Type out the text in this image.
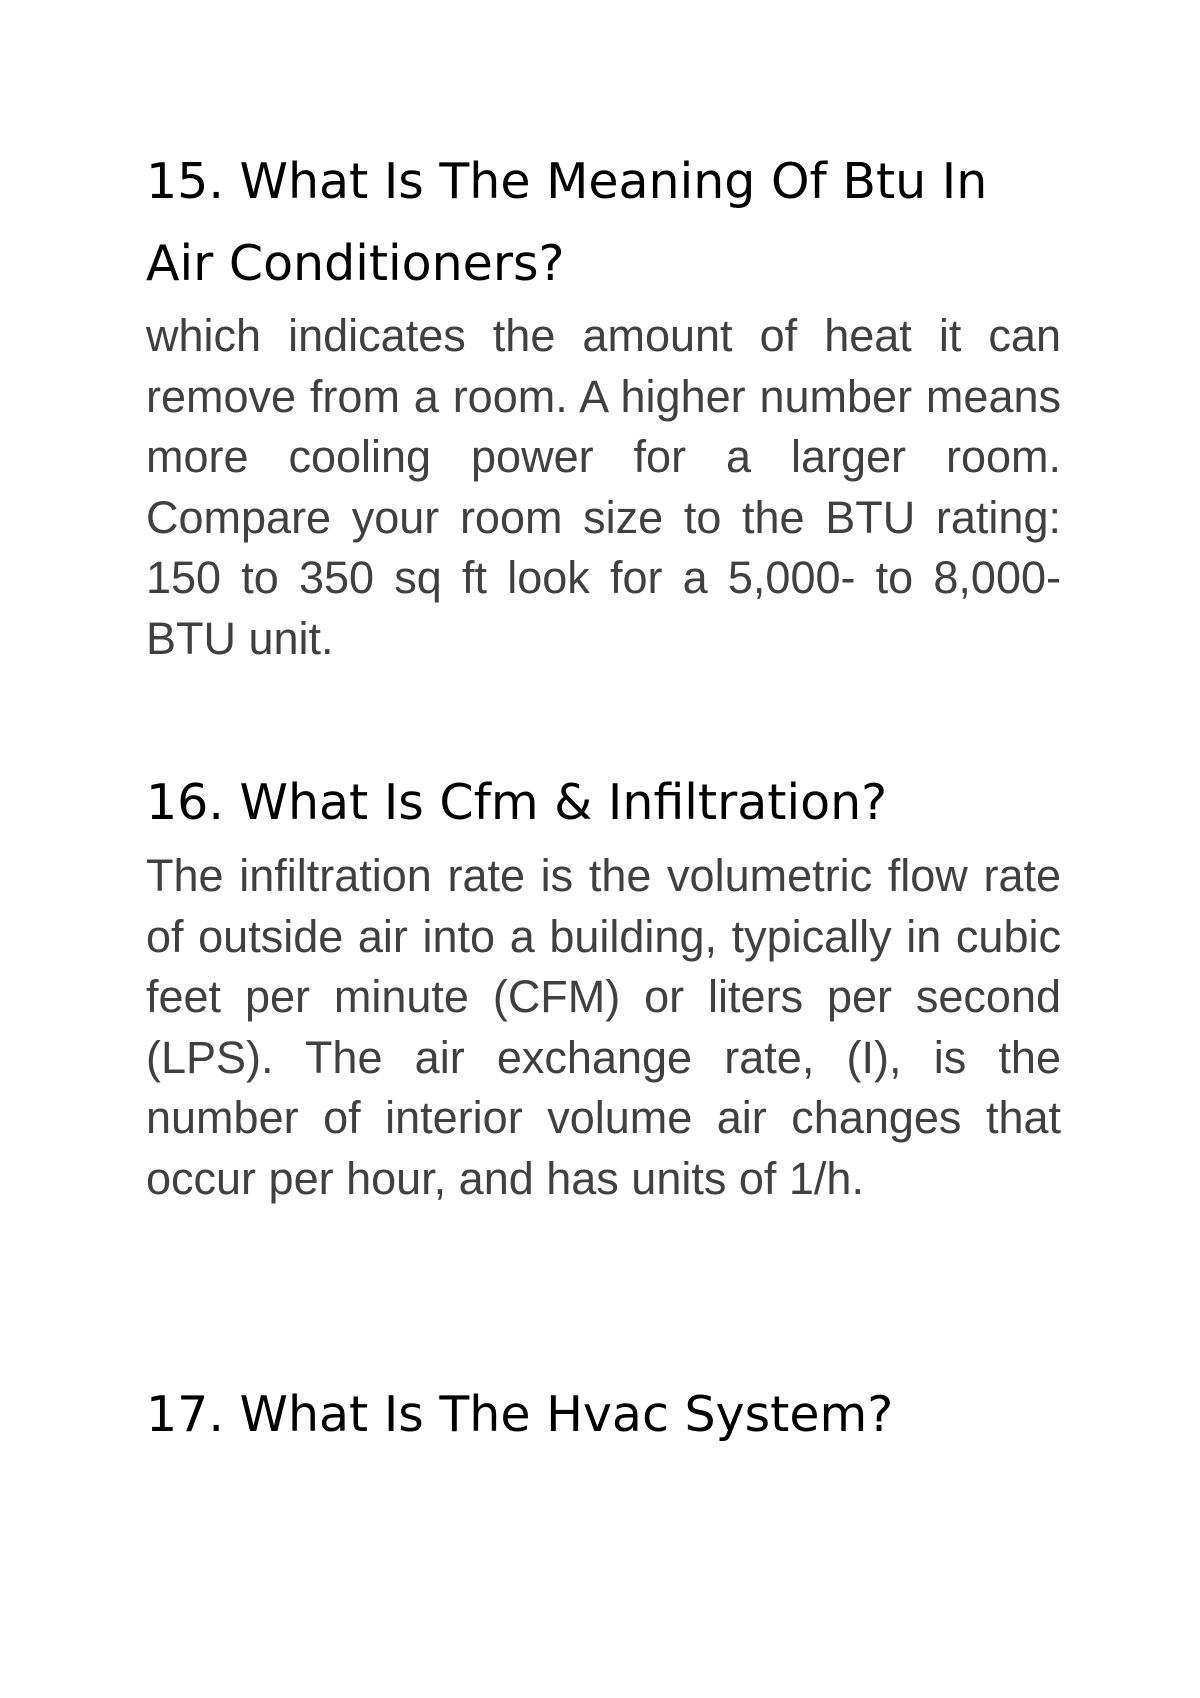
15. What Is The Meaning Of Btu In Air Conditioners?

which indicates the amount of heat it can remove from a room. A higher number means more cooling power for a larger room. Compare your room size to the BTU rating: 150 to 350 sq ft look for a 5,000- to 8,000-BTU unit.

16. What Is Cfm & Infiltration?

The infiltration rate is the volumetric flow rate of outside air into a building, typically in cubic feet per minute (CFM) or liters per second (LPS). The air exchange rate, (I), is the number of interior volume air changes that occur per hour, and has units of 1/h.

17. What Is The Hvac System?
